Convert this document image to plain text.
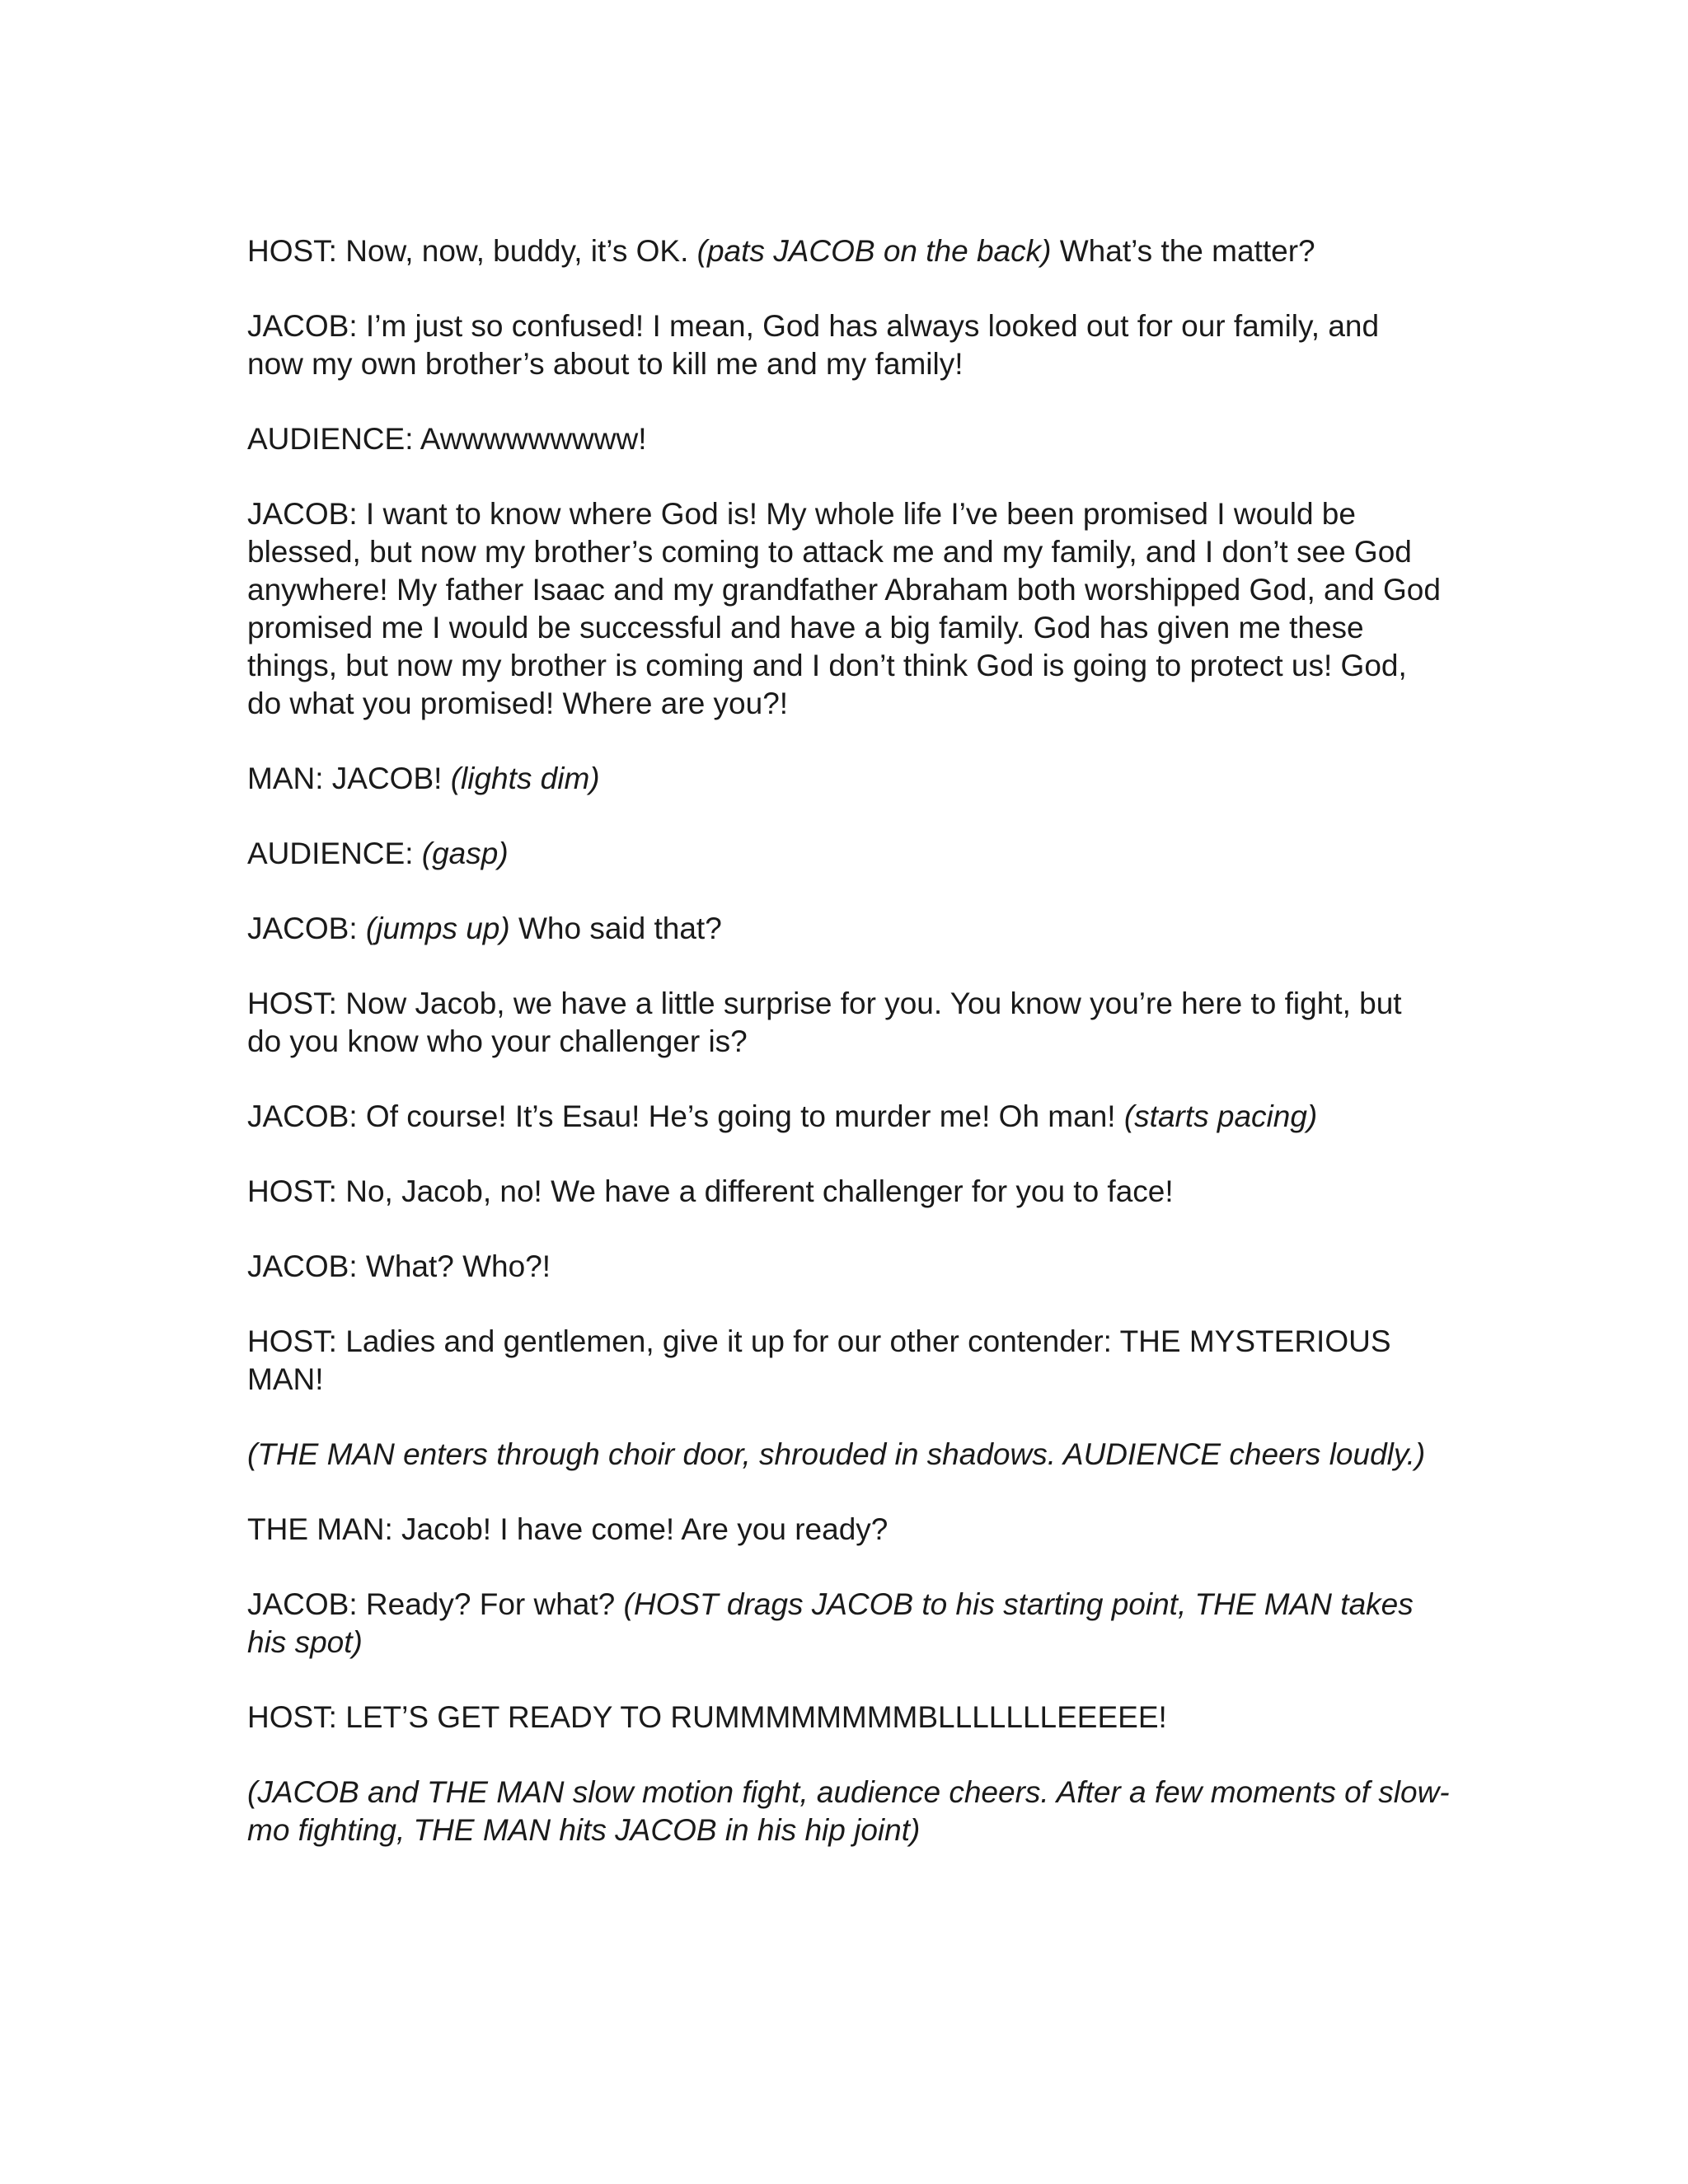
HOST: Now, now, buddy, it’s OK. (pats JACOB on the back) What’s the matter?

JACOB: I’m just so confused! I mean, God has always looked out for our family, and now my own brother’s about to kill me and my family!

AUDIENCE: Awwwwwwwww!

JACOB: I want to know where God is! My whole life I’ve been promised I would be blessed, but now my brother’s coming to attack me and my family, and I don’t see God anywhere! My father Isaac and my grandfather Abraham both worshipped God, and God promised me I would be successful and have a big family. God has given me these things, but now my brother is coming and I don’t think God is going to protect us! God, do what you promised! Where are you?!

MAN: JACOB! (lights dim)

AUDIENCE: (gasp)

JACOB: (jumps up) Who said that?

HOST: Now Jacob, we have a little surprise for you. You know you’re here to fight, but do you know who your challenger is?

JACOB: Of course! It’s Esau! He’s going to murder me! Oh man! (starts pacing)

HOST: No, Jacob, no! We have a different challenger for you to face!

JACOB: What? Who?!

HOST: Ladies and gentlemen, give it up for our other contender: THE MYSTERIOUS MAN!

(THE MAN enters through choir door, shrouded in shadows. AUDIENCE cheers loudly.)

THE MAN: Jacob! I have come! Are you ready?

JACOB: Ready? For what? (HOST drags JACOB to his starting point, THE MAN takes his spot)

HOST: LET’S GET READY TO RUMMMMMMMMBLLLLLLLEEEEE!

(JACOB and THE MAN slow motion fight, audience cheers. After a few moments of slow-mo fighting, THE MAN hits JACOB in his hip joint)
